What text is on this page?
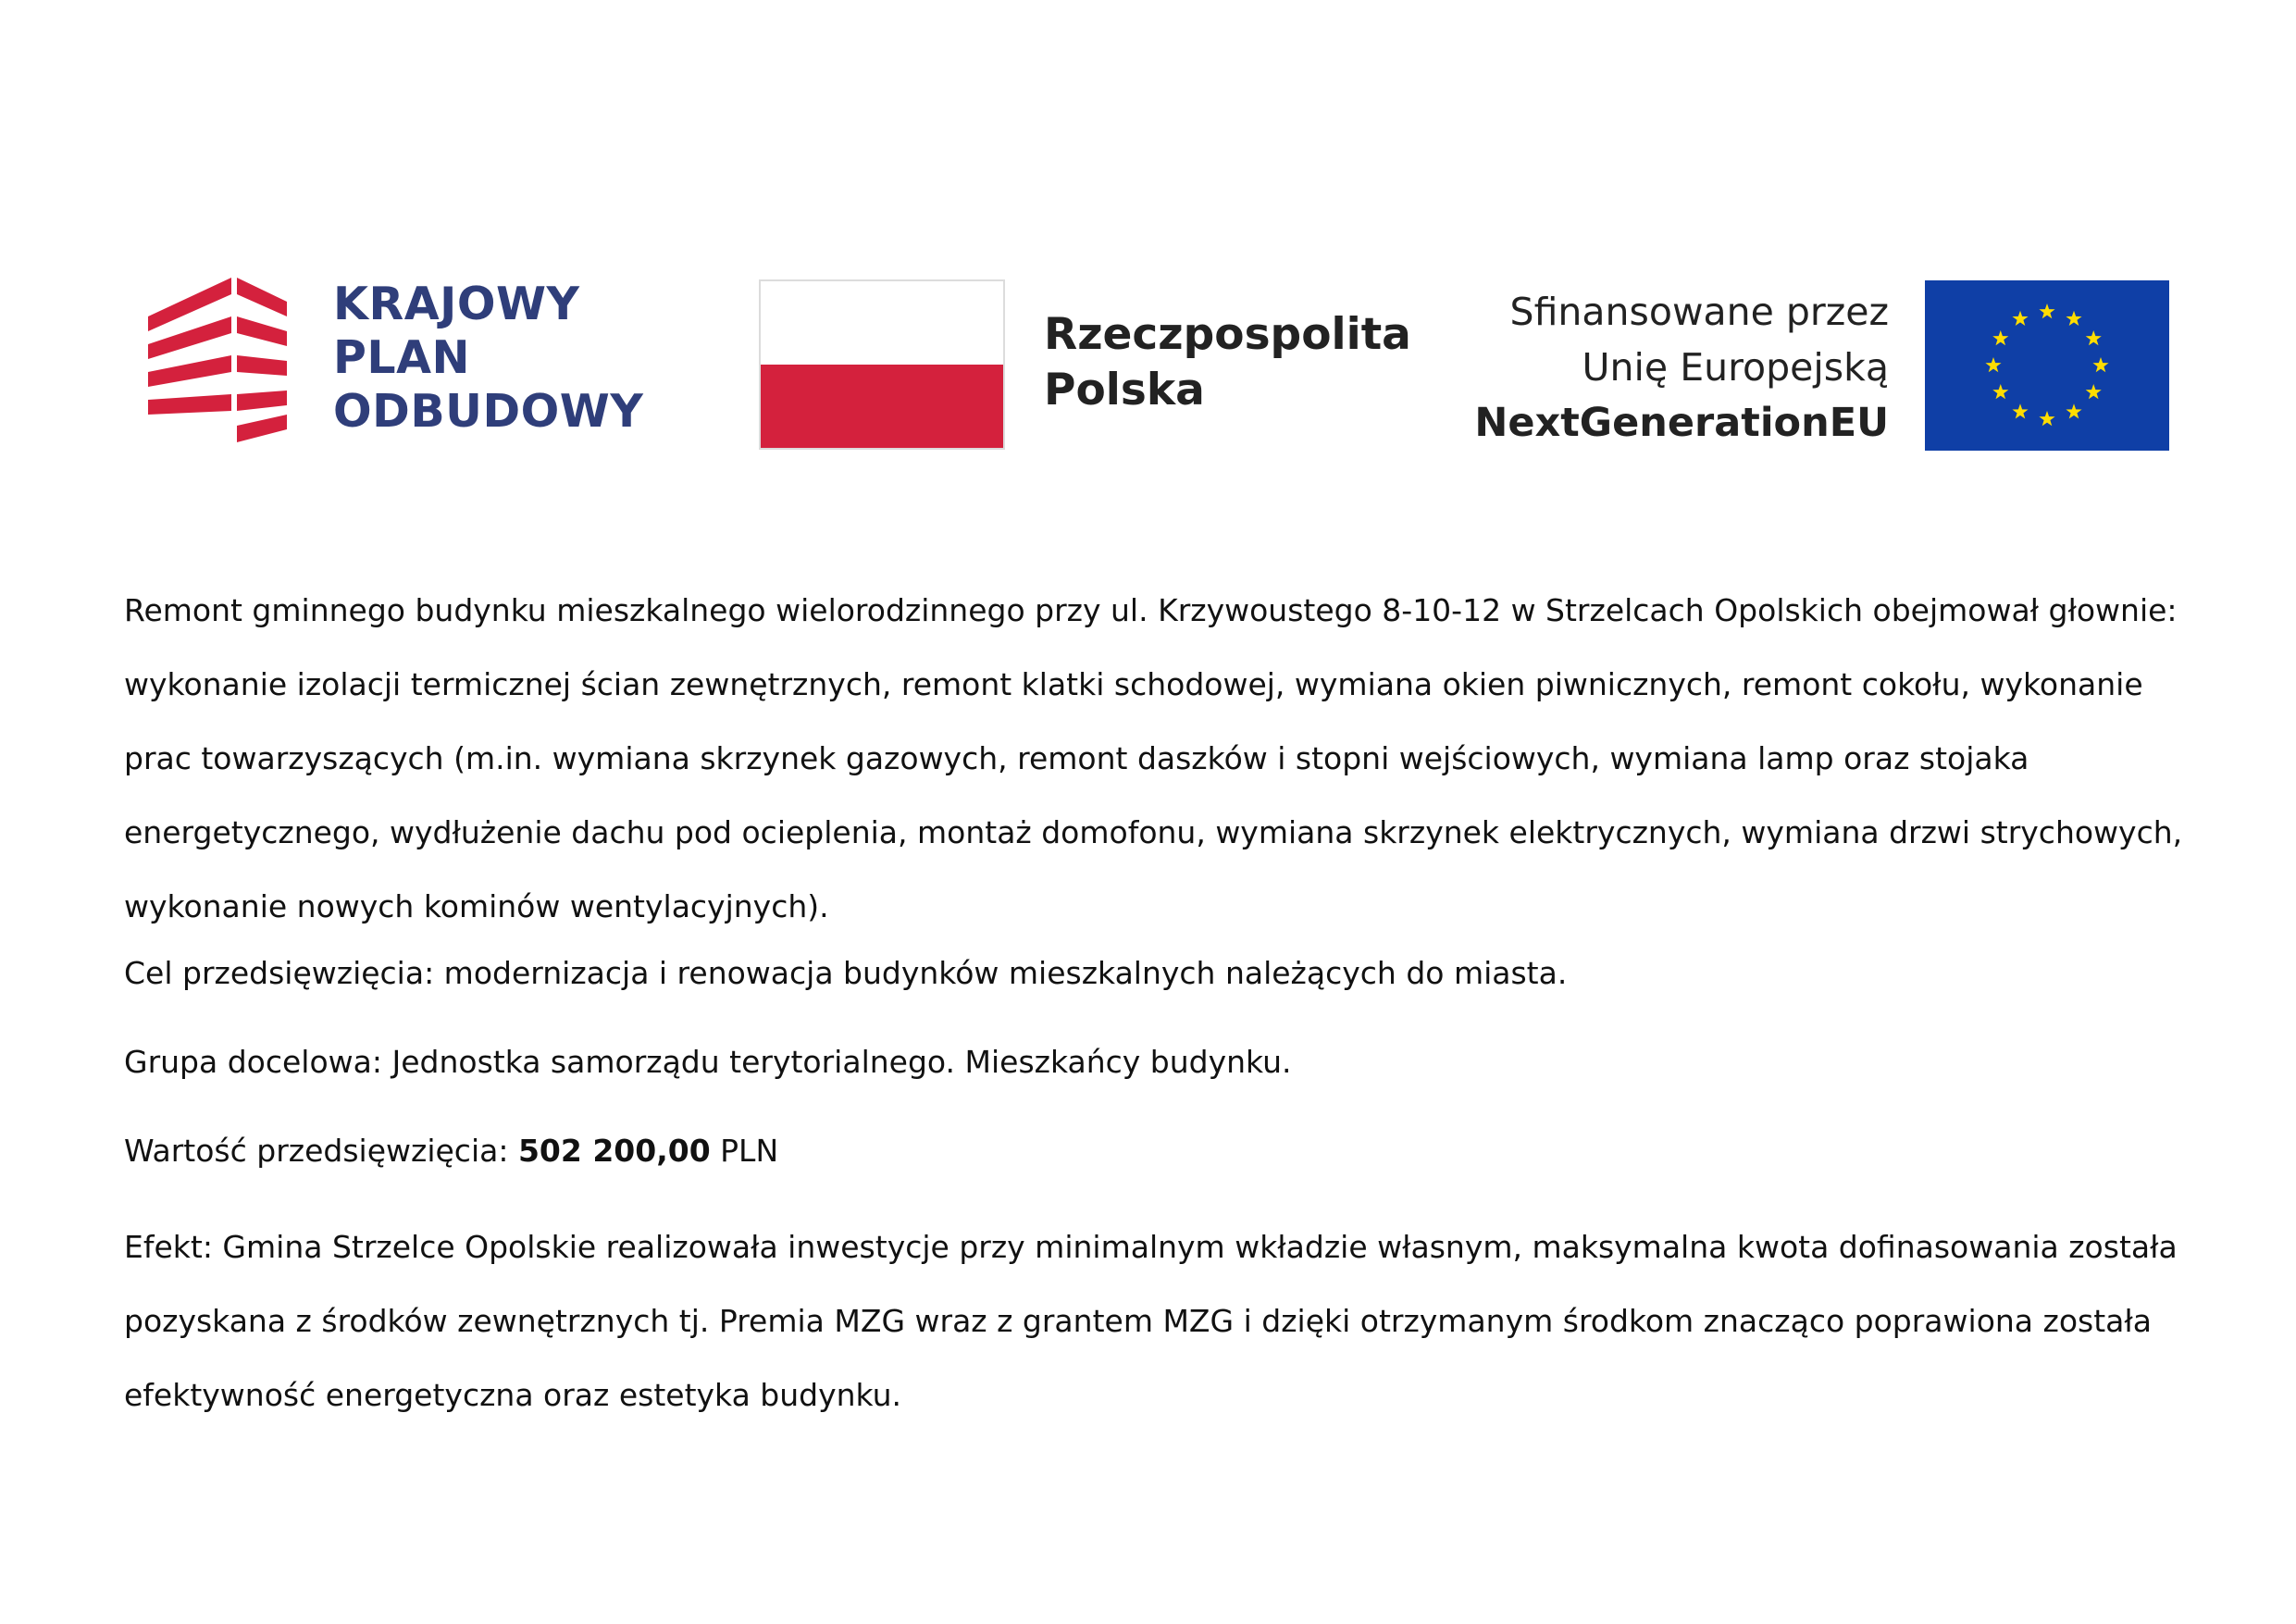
KRAJOWY
PLAN
ODBUDOWY
Rzeczpospolita
Polska
Sfinansowane przez
Unię Europejską
NextGenerationEU

Remont gminnego budynku mieszkalnego wielorodzinnego przy ul. Krzywoustego 8-10-12 w Strzelcach Opolskich obejmował głownie: wykonanie izolacji termicznej ścian zewnętrznych, remont klatki schodowej, wymiana okien piwnicznych, remont cokołu, wykonanie prac towarzyszących (m.in. wymiana skrzynek gazowych, remont daszków i stopni wejściowych, wymiana lamp oraz stojaka energetycznego, wydłużenie dachu pod ocieplenia, montaż domofonu, wymiana skrzynek elektrycznych, wymiana drzwi strychowych, wykonanie nowych kominów wentylacyjnych).

Cel przedsięwzięcia: modernizacja i renowacja budynków mieszkalnych należących do miasta.

Grupa docelowa: Jednostka samorządu terytorialnego. Mieszkańcy budynku.

Wartość przedsięwzięcia: 502 200,00 PLN

Efekt: Gmina Strzelce Opolskie realizowała inwestycje przy minimalnym wkładzie własnym, maksymalna kwota dofinasowania została pozyskana z środków zewnętrznych tj. Premia MZG wraz z grantem MZG i dzięki otrzymanym środkom znacząco poprawiona została efektywność energetyczna oraz estetyka budynku.
